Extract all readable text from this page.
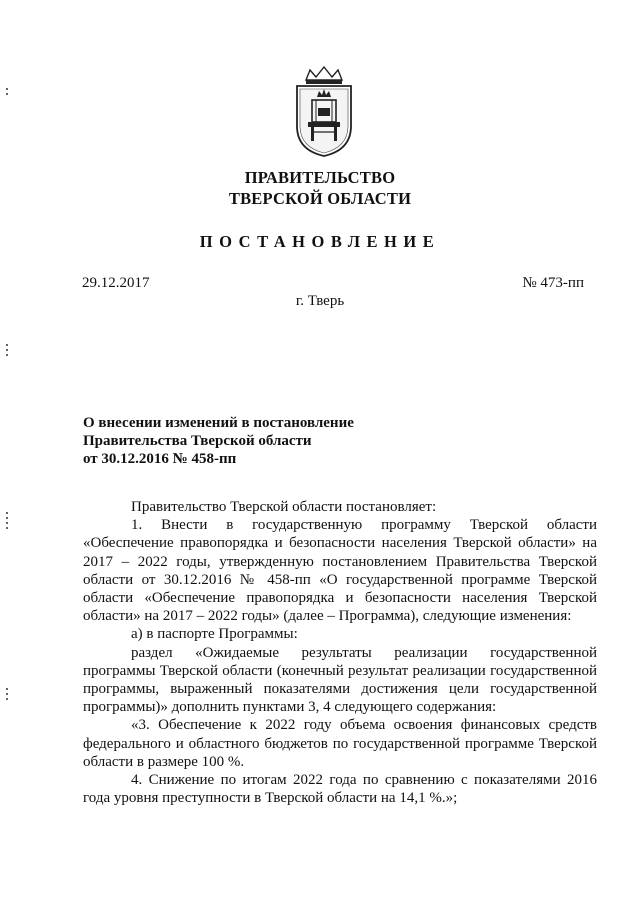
ПРАВИТЕЛЬСТВО
ТВЕРСКОЙ ОБЛАСТИ
ПОСТАНОВЛЕНИЕ
29.12.2017	№ 473-пп
г. Тверь
О внесении изменений в постановление
Правительства Тверской области
от 30.12.2016 № 458-пп

Правительство Тверской области постановляет:

1. Внести в государственную программу Тверской области «Обеспечение правопорядка и безопасности населения Тверской области» на 2017 – 2022 годы, утвержденную постановлением Правительства Тверской области от 30.12.2016 № 458-пп «О государственной программе Тверской области «Обеспечение правопорядка и безопасности населения Тверской области» на 2017 – 2022 годы» (далее – Программа), следующие изменения:

а) в паспорте Программы:

раздел «Ожидаемые результаты реализации государственной программы Тверской области (конечный результат реализации государственной программы, выраженный показателями достижения цели государственной программы)» дополнить пунктами 3, 4 следующего содержания:

«3. Обеспечение к 2022 году объема освоения финансовых средств федерального и областного бюджетов по государственной программе Тверской области в размере 100 %.

4. Снижение по итогам 2022 года по сравнению с показателями 2016 года уровня преступности в Тверской области на 14,1 %.»;
